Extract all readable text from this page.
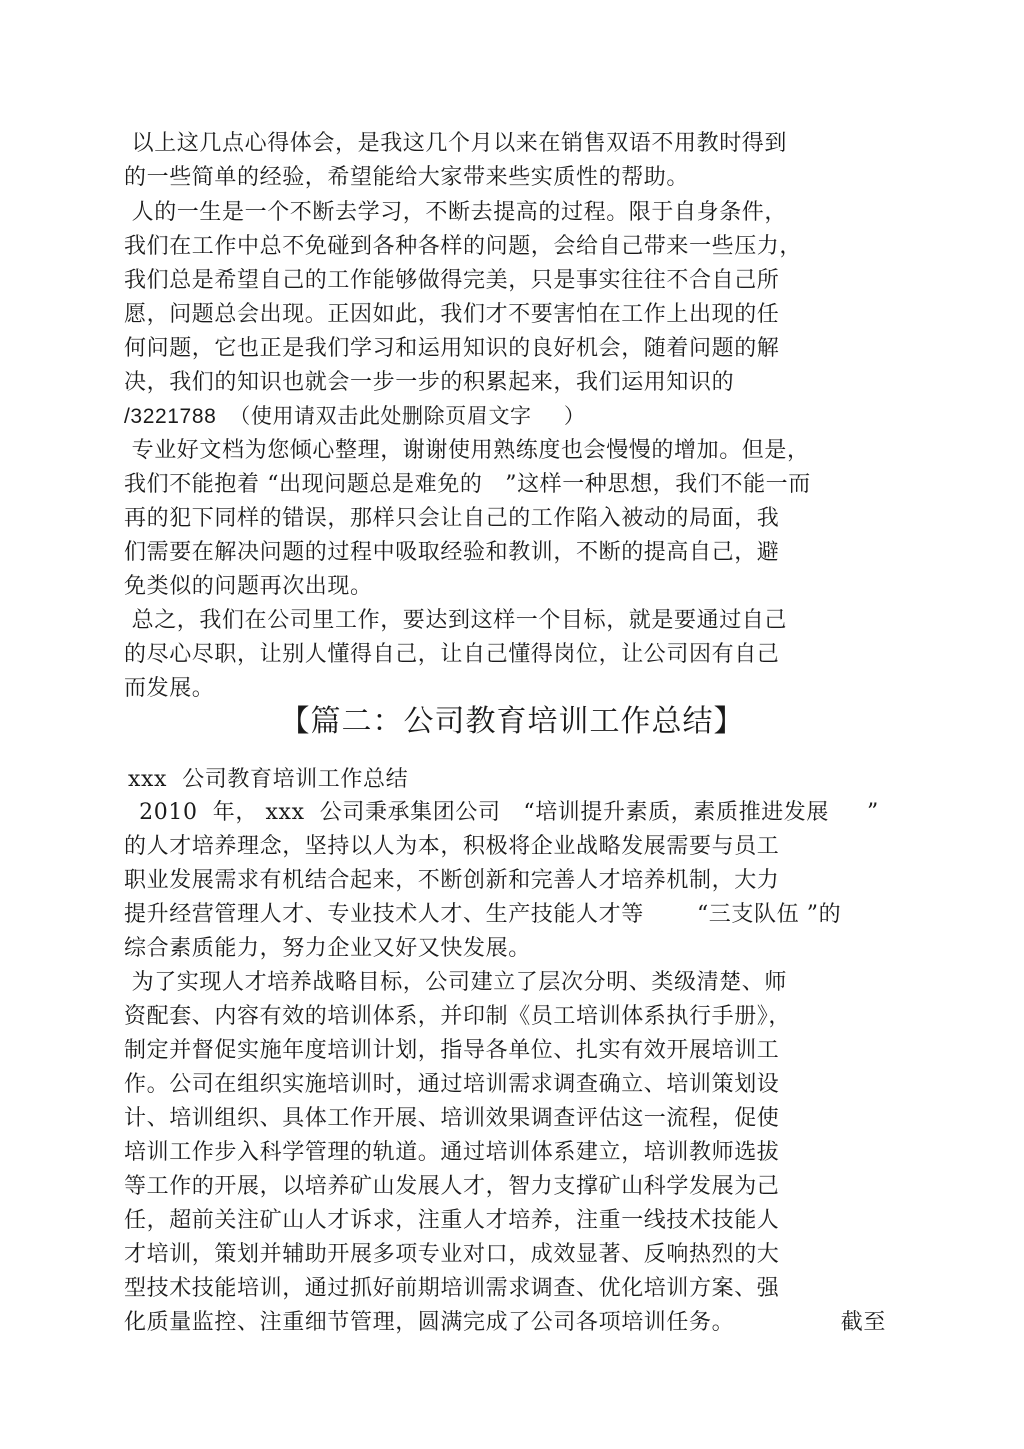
以上这几点心得体会，是我这几个月以来在销售双语不用教时得到
的一些简单的经验，希望能给大家带来些实质性的帮助。
人的一生是一个不断去学习，不断去提高的过程。限于自身条件，
我们在工作中总不免碰到各种各样的问题，会给自己带来一些压力，
我们总是希望自己的工作能够做得完美，只是事实往往不合自己所
愿，问题总会出现。正因如此，我们才不要害怕在工作上出现的任
何问题，它也正是我们学习和运用知识的良好机会，随着问题的解
决，我们的知识也就会一步一步的积累起来，我们运用知识的
/3221788  （使用请双击此处删除页眉文字     ）
专业好文档为您倾心整理，谢谢使用熟练度也会慢慢的增加。但是，
我们不能抱着 “出现问题总是难免的   ”这样一种思想，我们不能一而
再的犯下同样的错误，那样只会让自己的工作陷入被动的局面，我
们需要在解决问题的过程中吸取经验和教训，不断的提高自己，避
免类似的问题再次出现。
总之，我们在公司里工作，要达到这样一个目标，就是要通过自己
的尽心尽职，让别人懂得自己，让自己懂得岗位，让公司因有自己
而发展。
【篇二：公司教育培训工作总结】
xxx  公司教育培训工作总结
2010  年， xxx  公司秉承集团公司   “培训提升素质，素质推进发展     ”
的人才培养理念，坚持以人为本，积极将企业战略发展需要与员工
职业发展需求有机结合起来，不断创新和完善人才培养机制，大力
提升经营管理人才、专业技术人才、生产技能人才等       “三支队伍 ”的
综合素质能力，努力企业又好又快发展。
为了实现人才培养战略目标，公司建立了层次分明、类级清楚、师
资配套、内容有效的培训体系，并印制《员工培训体系执行手册》，
制定并督促实施年度培训计划，指导各单位、扎实有效开展培训工
作。公司在组织实施培训时，通过培训需求调查确立、培训策划设
计、培训组织、具体工作开展、培训效果调查评估这一流程，促使
培训工作步入科学管理的轨道。通过培训体系建立，培训教师选拔
等工作的开展，以培养矿山发展人才，智力支撑矿山科学发展为己
任，超前关注矿山人才诉求，注重人才培养，注重一线技术技能人
才培训，策划并辅助开展多项专业对口，成效显著、反响热烈的大
型技术技能培训，通过抓好前期培训需求调查、优化培训方案、强
化质量监控、注重细节管理，圆满完成了公司各项培训任务。	截至
